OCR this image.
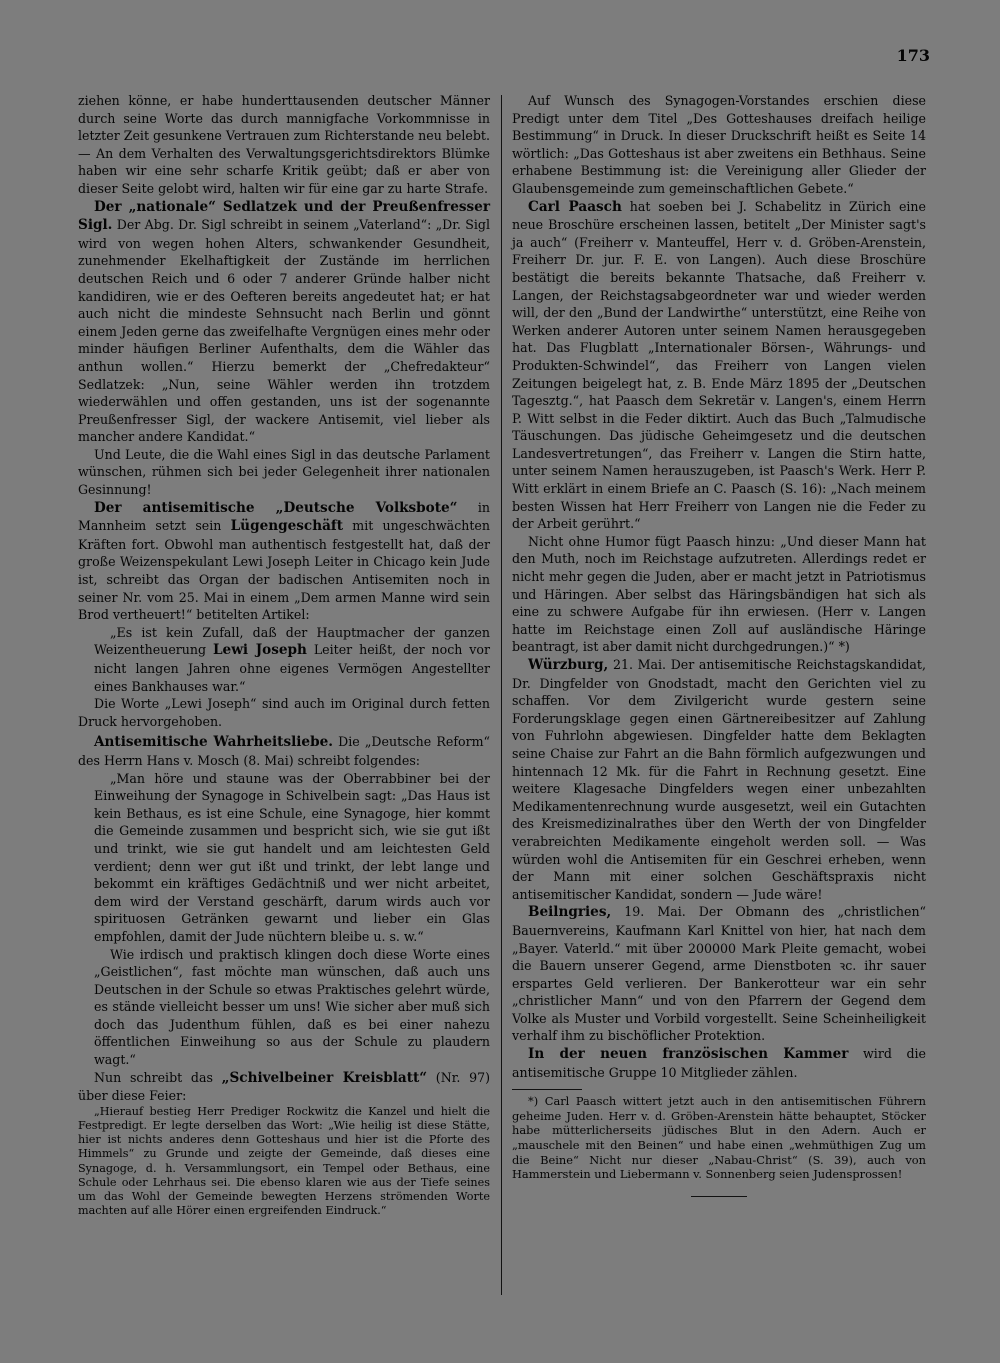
173

ziehen könne, er habe hunderttausenden deutscher Männer durch seine Worte das durch mannigfache Vorkommnisse in letzter Zeit gesunkene Vertrauen zum Richterstande neu belebt. — An dem Verhalten des Verwaltungsgerichtsdirektors Blümke haben wir eine sehr scharfe Kritik geübt; daß er aber von dieser Seite gelobt wird, halten wir für eine gar zu harte Strafe.

Der „nationale“ Sedlatzek und der Preußenfresser Sigl. Der Abg. Dr. Sigl schreibt in seinem „Vaterland“: „Dr. Sigl wird von wegen hohen Alters, schwankender Gesundheit, zunehmender Ekelhaftigkeit der Zustände im herrlichen deutschen Reich und 6 oder 7 anderer Gründe halber nicht kandidiren, wie er des Oefteren bereits angedeutet hat; er hat auch nicht die mindeste Sehnsucht nach Berlin und gönnt einem Jeden gerne das zweifelhafte Vergnügen eines mehr oder minder häufigen Berliner Aufenthalts, dem die Wähler das anthun wollen.“ Hierzu bemerkt der „Chefredakteur“ Sedlatzek: „Nun, seine Wähler werden ihn trotzdem wiederwählen und offen gestanden, uns ist der sogenannte Preußenfresser Sigl, der wackere Antisemit, viel lieber als mancher andere Kandidat.“

Und Leute, die die Wahl eines Sigl in das deutsche Parlament wünschen, rühmen sich bei jeder Gelegenheit ihrer nationalen Gesinnung!

Der antisemitische „Deutsche Volksbote“ in Mannheim setzt sein Lügengeschäft mit ungeschwächten Kräften fort. Obwohl man authentisch festgestellt hat, daß der große Weizenspekulant Lewi Joseph Leiter in Chicago kein Jude ist, schreibt das Organ der badischen Antisemiten noch in seiner Nr. vom 25. Mai in einem „Dem armen Manne wird sein Brod vertheuert!“ betitelten Artikel:

„Es ist kein Zufall, daß der Hauptmacher der ganzen Weizentheuerung Lewi Joseph Leiter heißt, der noch vor nicht langen Jahren ohne eigenes Vermögen Angestellter eines Bankhauses war.“

Die Worte „Lewi Joseph“ sind auch im Original durch fetten Druck hervorgehoben.

Antisemitische Wahrheitsliebe. Die „Deutsche Reform“ des Herrn Hans v. Mosch (8. Mai) schreibt folgendes:

„Man höre und staune was der Oberrabbiner bei der Einweihung der Synagoge in Schivelbein sagt: „Das Haus ist kein Bethaus, es ist eine Schule, eine Synagoge, hier kommt die Gemeinde zusammen und bespricht sich, wie sie gut ißt und trinkt, wie sie gut handelt und am leichtesten Geld verdient; denn wer gut ißt und trinkt, der lebt lange und bekommt ein kräftiges Gedächtniß und wer nicht arbeitet, dem wird der Verstand geschärft, darum wirds auch vor spirituosen Getränken gewarnt und lieber ein Glas empfohlen, damit der Jude nüchtern bleibe u. s. w.“

Wie irdisch und praktisch klingen doch diese Worte eines „Geistlichen“, fast möchte man wünschen, daß auch uns Deutschen in der Schule so etwas Praktisches gelehrt würde, es stände vielleicht besser um uns! Wie sicher aber muß sich doch das Judenthum fühlen, daß es bei einer nahezu öffentlichen Einweihung so aus der Schule zu plaudern wagt.“

Nun schreibt das „Schivelbeiner Kreisblatt“ (Nr. 97) über diese Feier:

„Hierauf bestieg Herr Prediger Rockwitz die Kanzel und hielt die Festpredigt. Er legte derselben das Wort: „Wie heilig ist diese Stätte, hier ist nichts anderes denn Gotteshaus und hier ist die Pforte des Himmels“ zu Grunde und zeigte der Gemeinde, daß dieses eine Synagoge, d. h. Versammlungsort, ein Tempel oder Bethaus, eine Schule oder Lehrhaus sei. Die ebenso klaren wie aus der Tiefe seines um das Wohl der Gemeinde bewegten Herzens strömenden Worte machten auf alle Hörer einen ergreifenden Eindruck.“

Auf Wunsch des Synagogen-Vorstandes erschien diese Predigt unter dem Titel „Des Gotteshauses dreifach heilige Bestimmung“ in Druck. In dieser Druckschrift heißt es Seite 14 wörtlich: „Das Gotteshaus ist aber zweitens ein Bethhaus. Seine erhabene Bestimmung ist: die Vereinigung aller Glieder der Glaubensgemeinde zum gemeinschaftlichen Gebete.“

Carl Paasch hat soeben bei J. Schabelitz in Zürich eine neue Broschüre erscheinen lassen, betitelt „Der Minister sagt's ja auch“ (Freiherr v. Manteuffel, Herr v. d. Gröben-Arenstein, Freiherr Dr. jur. F. E. von Langen). Auch diese Broschüre bestätigt die bereits bekannte Thatsache, daß Freiherr v. Langen, der Reichstagsabgeordneter war und wieder werden will, der den „Bund der Landwirthe“ unterstützt, eine Reihe von Werken anderer Autoren unter seinem Namen herausgegeben hat. Das Flugblatt „Internationaler Börsen-, Währungs- und Produkten-Schwindel“, das Freiherr von Langen vielen Zeitungen beigelegt hat, z. B. Ende März 1895 der „Deutschen Tagesztg.“, hat Paasch dem Sekretär v. Langen's, einem Herrn P. Witt selbst in die Feder diktirt. Auch das Buch „Talmudische Täuschungen. Das jüdische Geheimgesetz und die deutschen Landesvertretungen“, das Freiherr v. Langen die Stirn hatte, unter seinem Namen herauszugeben, ist Paasch's Werk. Herr P. Witt erklärt in einem Briefe an C. Paasch (S. 16): „Nach meinem besten Wissen hat Herr Freiherr von Langen nie die Feder zu der Arbeit gerührt.“

Nicht ohne Humor fügt Paasch hinzu: „Und dieser Mann hat den Muth, noch im Reichstage aufzutreten. Allerdings redet er nicht mehr gegen die Juden, aber er macht jetzt in Patriotismus und Häringen. Aber selbst das Häringsbändigen hat sich als eine zu schwere Aufgabe für ihn erwiesen. (Herr v. Langen hatte im Reichstage einen Zoll auf ausländische Häringe beantragt, ist aber damit nicht durchgedrungen.)“ *)

Würzburg, 21. Mai. Der antisemitische Reichstagskandidat, Dr. Dingfelder von Gnodstadt, macht den Gerichten viel zu schaffen. Vor dem Zivilgericht wurde gestern seine Forderungsklage gegen einen Gärtnereibesitzer auf Zahlung von Fuhrlohn abgewiesen. Dingfelder hatte dem Beklagten seine Chaise zur Fahrt an die Bahn förmlich aufgezwungen und hintennach 12 Mk. für die Fahrt in Rechnung gesetzt. Eine weitere Klagesache Dingfelders wegen einer unbezahlten Medikamentenrechnung wurde ausgesetzt, weil ein Gutachten des Kreismedizinalrathes über den Werth der von Dingfelder verabreichten Medikamente eingeholt werden soll. — Was würden wohl die Antisemiten für ein Geschrei erheben, wenn der Mann mit einer solchen Geschäftspraxis nicht antisemitischer Kandidat, sondern — Jude wäre!

Beilngries, 19. Mai. Der Obmann des „christlichen“ Bauernvereins, Kaufmann Karl Knittel von hier, hat nach dem „Bayer. Vaterld.“ mit über 200000 Mark Pleite gemacht, wobei die Bauern unserer Gegend, arme Dienstboten ꝛc. ihr sauer erspartes Geld verlieren. Der Bankerotteur war ein sehr „christlicher Mann“ und von den Pfarrern der Gegend dem Volke als Muster und Vorbild vorgestellt. Seine Scheinheiligkeit verhalf ihm zu bischöflicher Protektion.

In der neuen französischen Kammer wird die antisemitische Gruppe 10 Mitglieder zählen.

*) Carl Paasch wittert jetzt auch in den antisemitischen Führern geheime Juden. Herr v. d. Gröben-Arenstein hätte behauptet, Stöcker habe mütterlicherseits jüdisches Blut in den Adern. Auch er „mauschele mit den Beinen“ und habe einen „wehmüthigen Zug um die Beine“ Nicht nur dieser „Nabau-Christ“ (S. 39), auch von Hammerstein und Liebermann v. Sonnenberg seien Judensprossen!
